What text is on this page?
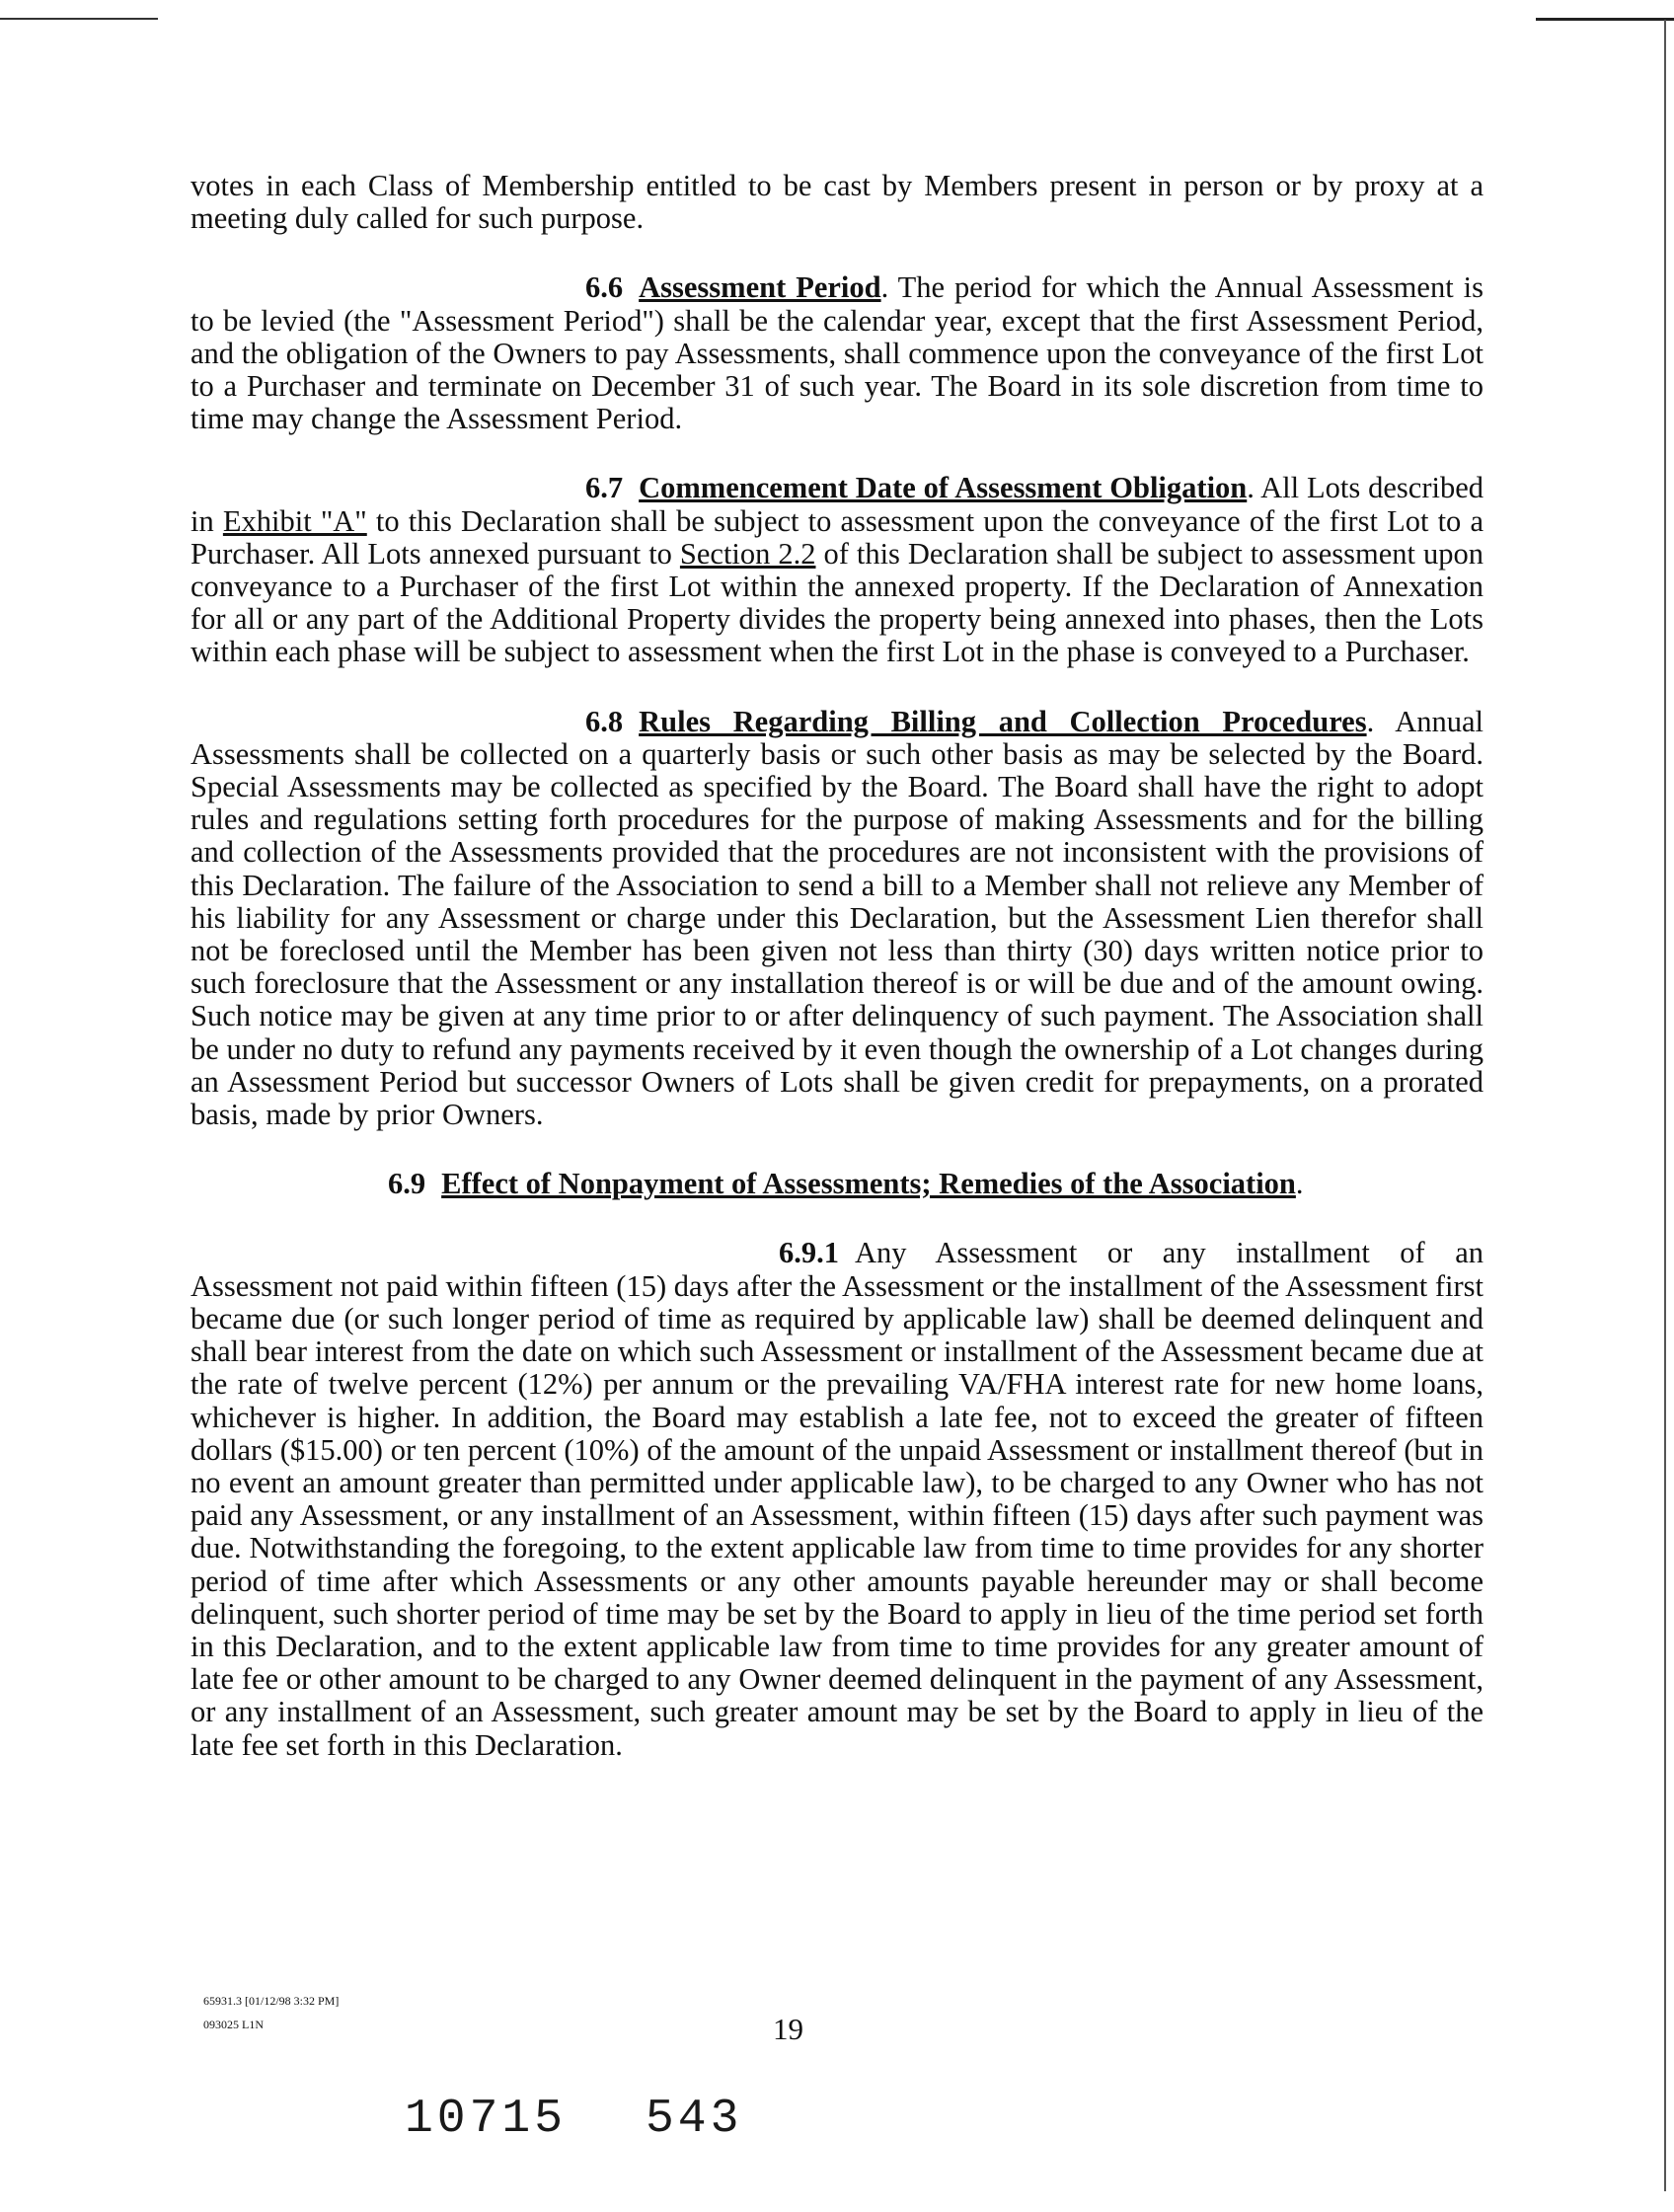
votes in each Class of Membership entitled to be cast by Members present in person or by proxy at a meeting duly called for such purpose.

6.6 Assessment Period. The period for which the Annual Assessment is to be levied (the "Assessment Period") shall be the calendar year, except that the first Assessment Period, and the obligation of the Owners to pay Assessments, shall commence upon the conveyance of the first Lot to a Purchaser and terminate on December 31 of such year. The Board in its sole discretion from time to time may change the Assessment Period.

6.7 Commencement Date of Assessment Obligation. All Lots described in Exhibit "A" to this Declaration shall be subject to assessment upon the conveyance of the first Lot to a Purchaser. All Lots annexed pursuant to Section 2.2 of this Declaration shall be subject to assessment upon conveyance to a Purchaser of the first Lot within the annexed property. If the Declaration of Annexation for all or any part of the Additional Property divides the property being annexed into phases, then the Lots within each phase will be subject to assessment when the first Lot in the phase is conveyed to a Purchaser.

6.8 Rules Regarding Billing and Collection Procedures. Annual Assessments shall be collected on a quarterly basis or such other basis as may be selected by the Board. Special Assessments may be collected as specified by the Board. The Board shall have the right to adopt rules and regulations setting forth procedures for the purpose of making Assessments and for the billing and collection of the Assessments provided that the procedures are not inconsistent with the provisions of this Declaration. The failure of the Association to send a bill to a Member shall not relieve any Member of his liability for any Assessment or charge under this Declaration, but the Assessment Lien therefor shall not be foreclosed until the Member has been given not less than thirty (30) days written notice prior to such foreclosure that the Assessment or any installation thereof is or will be due and of the amount owing. Such notice may be given at any time prior to or after delinquency of such payment. The Association shall be under no duty to refund any payments received by it even though the ownership of a Lot changes during an Assessment Period but successor Owners of Lots shall be given credit for prepayments, on a prorated basis, made by prior Owners.

6.9 Effect of Nonpayment of Assessments; Remedies of the Association.

6.9.1 Any Assessment or any installment of an Assessment not paid within fifteen (15) days after the Assessment or the installment of the Assessment first became due (or such longer period of time as required by applicable law) shall be deemed delinquent and shall bear interest from the date on which such Assessment or installment of the Assessment became due at the rate of twelve percent (12%) per annum or the prevailing VA/FHA interest rate for new home loans, whichever is higher. In addition, the Board may establish a late fee, not to exceed the greater of fifteen dollars ($15.00) or ten percent (10%) of the amount of the unpaid Assessment or installment thereof (but in no event an amount greater than permitted under applicable law), to be charged to any Owner who has not paid any Assessment, or any installment of an Assessment, within fifteen (15) days after such payment was due. Notwithstanding the foregoing, to the extent applicable law from time to time provides for any shorter period of time after which Assessments or any other amounts payable hereunder may or shall become delinquent, such shorter period of time may be set by the Board to apply in lieu of the time period set forth in this Declaration, and to the extent applicable law from time to time provides for any greater amount of late fee or other amount to be charged to any Owner deemed delinquent in the payment of any Assessment, or any installment of an Assessment, such greater amount may be set by the Board to apply in lieu of the late fee set forth in this Declaration.

65931.3 [01/12/98 3:32 PM]
093025 L1N	19
10715 543
